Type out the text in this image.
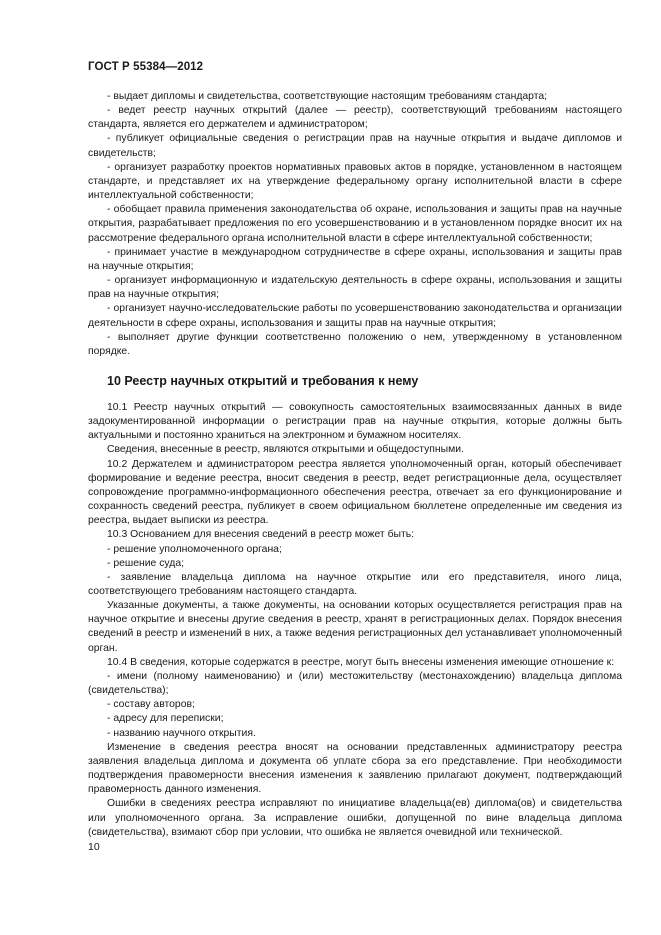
ГОСТ Р 55384—2012

- выдает дипломы и свидетельства, соответствующие настоящим требованиям стандарта;

- ведет реестр научных открытий (далее — реестр), соответствующий требованиям настоящего стандарта, является его держателем и администратором;

- публикует официальные сведения о регистрации прав на научные открытия и выдаче дипломов и свидетельств;

- организует разработку проектов нормативных правовых актов в порядке, установленном в настоящем стандарте, и представляет их на утверждение федеральному органу исполнительной власти в сфере интеллектуальной собственности;

- обобщает правила применения законодательства об охране, использования и защиты прав на научные открытия, разрабатывает предложения по его усовершенствованию и в установленном порядке вносит их на рассмотрение федерального органа исполнительной власти в сфере интеллектуальной собственности;

- принимает участие в международном сотрудничестве в сфере охраны, использования и защиты прав на научные открытия;

- организует информационную и издательскую деятельность в сфере охраны, использования и защиты прав на научные открытия;

- организует научно-исследовательские работы по усовершенствованию законодательства и организации деятельности в сфере охраны, использования и защиты прав на научные открытия;

- выполняет другие функции соответственно положению о нем, утвержденному в установленном порядке.

10 Реестр научных открытий и требования к нему

10.1 Реестр научных открытий — совокупность самостоятельных взаимосвязанных данных в виде задокументированной информации о регистрации прав на научные открытия, которые должны быть актуальными и постоянно храниться на электронном и бумажном носителях.

Сведения, внесенные в реестр, являются открытыми и общедоступными.

10.2 Держателем и администратором реестра является уполномоченный орган, который обеспечивает формирование и ведение реестра, вносит сведения в реестр, ведет регистрационные дела, осуществляет сопровождение программно-информационного обеспечения реестра, отвечает за его функционирование и сохранность сведений реестра, публикует в своем официальном бюллетене определенные им сведения из реестра, выдает выписки из реестра.

10.3 Основанием для внесения сведений в реестр может быть:

- решение уполномоченного органа;

- решение суда;

- заявление владельца диплома на научное открытие или его представителя, иного лица, соответствующего требованиям настоящего стандарта.

Указанные документы, а также документы, на основании которых осуществляется регистрация прав на научное открытие и внесены другие сведения в реестр, хранят в регистрационных делах. Порядок внесения сведений в реестр и изменений в них, а также ведения регистрационных дел устанавливает уполномоченный орган.

10.4 В сведения, которые содержатся в реестре, могут быть внесены изменения имеющие отношение к:

- имени (полному наименованию) и (или) местожительству (местонахождению) владельца диплома (свидетельства);

- составу авторов;

- адресу для переписки;

- названию научного открытия.

Изменение в сведения реестра вносят на основании представленных администратору реестра заявления владельца диплома и документа об уплате сбора за его представление. При необходимости подтверждения правомерности внесения изменения к заявлению прилагают документ, подтверждающий правомерность данного изменения.

Ошибки в сведениях реестра исправляют по инициативе владельца(ев) диплома(ов) и свидетельства или уполномоченного органа. За исправление ошибки, допущенной по вине владельца диплома (свидетельства), взимают сбор при условии, что ошибка не является очевидной или технической.

10
